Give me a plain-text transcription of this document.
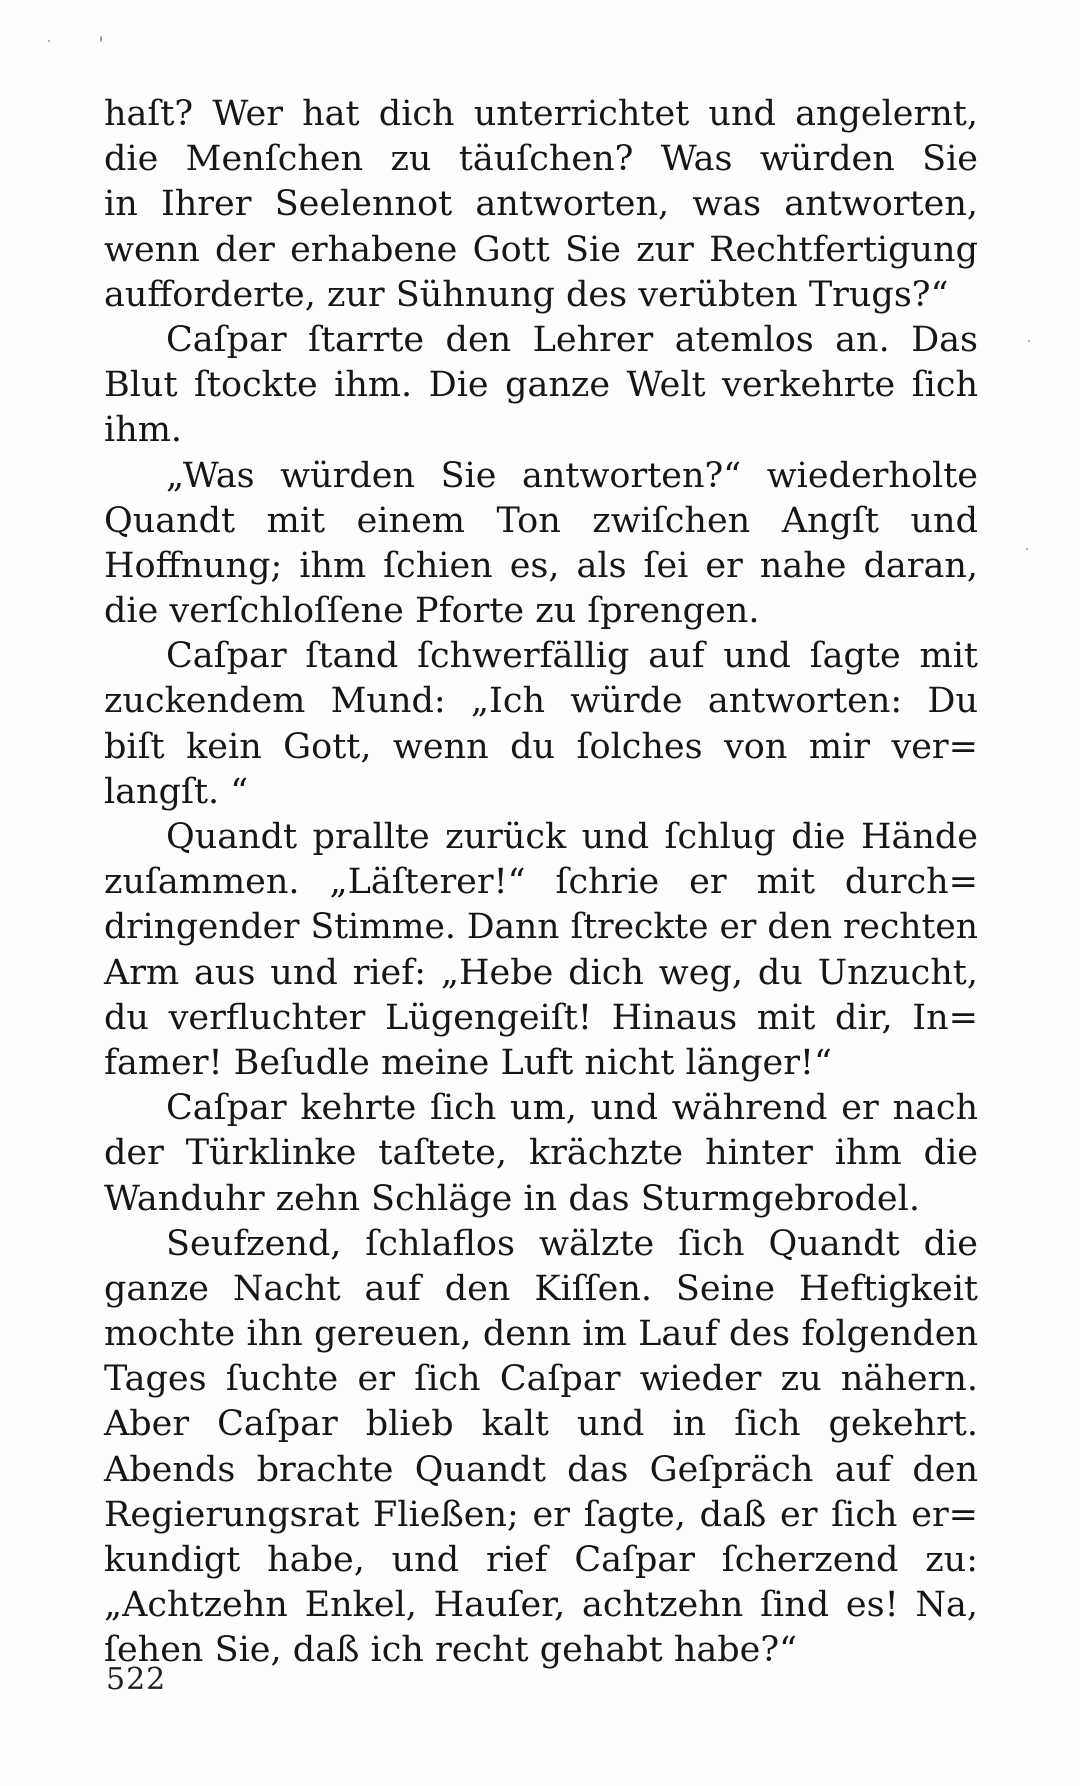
haſt? Wer hat dich unterrichtet und angelernt,
die Menſchen zu täuſchen? Was würden Sie
in Ihrer Seelennot antworten, was antworten,
wenn der erhabene Gott Sie zur Rechtfertigung
aufforderte, zur Sühnung des verübten Trugs?“
Caſpar ſtarrte den Lehrer atemlos an. Das
Blut ſtockte ihm. Die ganze Welt verkehrte ſich
ihm.
„Was würden Sie antworten?“ wiederholte
Quandt mit einem Ton zwiſchen Angſt und
Hoffnung; ihm ſchien es, als ſei er nahe daran,
die verſchloſſene Pforte zu ſprengen.
Caſpar ſtand ſchwerfällig auf und ſagte mit
zuckendem Mund: „Ich würde antworten: Du
biſt kein Gott, wenn du ſolches von mir ver=
langſt. “
Quandt prallte zurück und ſchlug die Hände
zuſammen. „Läſterer!“ ſchrie er mit durch=
dringender Stimme. Dann ſtreckte er den rechten
Arm aus und rief: „Hebe dich weg, du Unzucht,
du verfluchter Lügengeiſt! Hinaus mit dir, In=
famer! Beſudle meine Luft nicht länger!“
Caſpar kehrte ſich um, und während er nach
der Türklinke taſtete, krächzte hinter ihm die
Wanduhr zehn Schläge in das Sturmgebrodel.
Seufzend, ſchlaflos wälzte ſich Quandt die
ganze Nacht auf den Kiſſen. Seine Heftigkeit
mochte ihn gereuen, denn im Lauf des folgenden
Tages ſuchte er ſich Caſpar wieder zu nähern.
Aber Caſpar blieb kalt und in ſich gekehrt.
Abends brachte Quandt das Geſpräch auf den
Regierungsrat Fließen; er ſagte, daß er ſich er=
kundigt habe, und rief Caſpar ſcherzend zu:
„Achtzehn Enkel, Hauſer, achtzehn ſind es! Na,
ſehen Sie, daß ich recht gehabt habe?“
522
